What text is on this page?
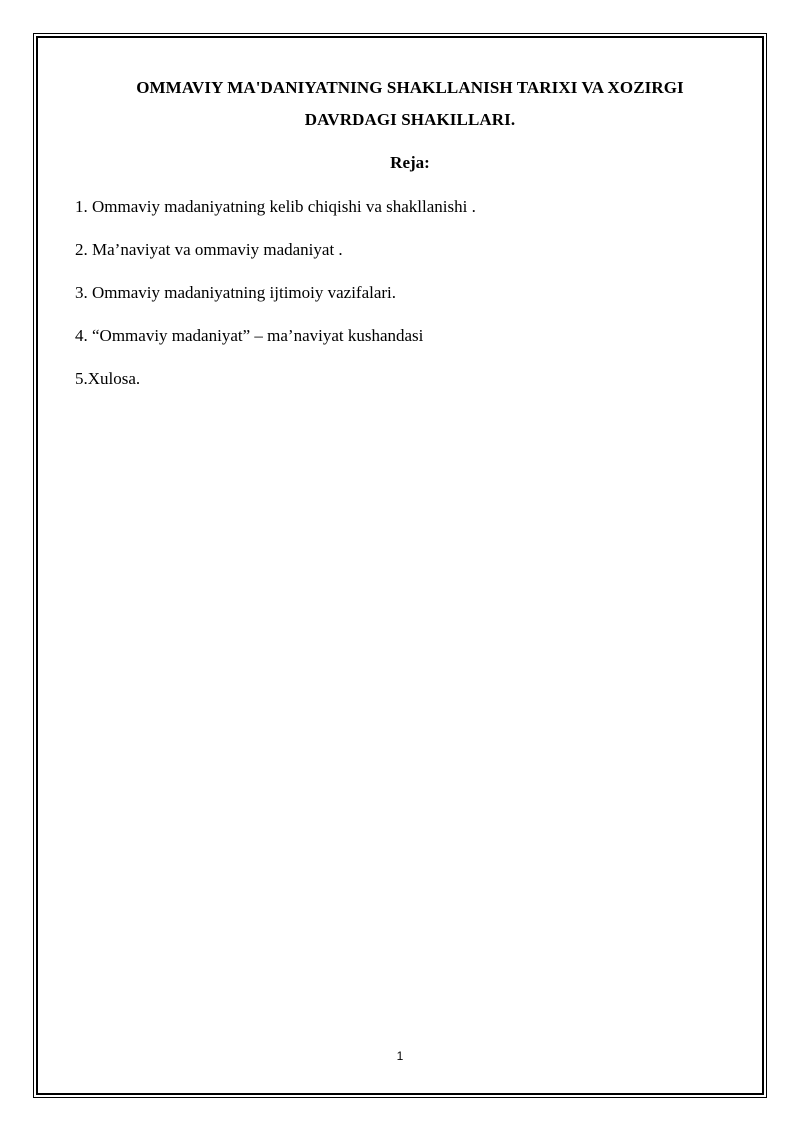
OMMAVIY MA'DANIYATNING SHAKLLANISH TARIXI VA XOZIRGI
DAVRDAGI SHAKILLARI.

Reja:

1. Ommaviy madaniyatning kelib chiqishi va shakllanishi .
2. Ma’naviyat va ommaviy madaniyat .
3. Ommaviy madaniyatning ijtimoiy vazifalari.
4. “Ommaviy madaniyat” – ma’naviyat kushandasi
5.Xulosa.
1
